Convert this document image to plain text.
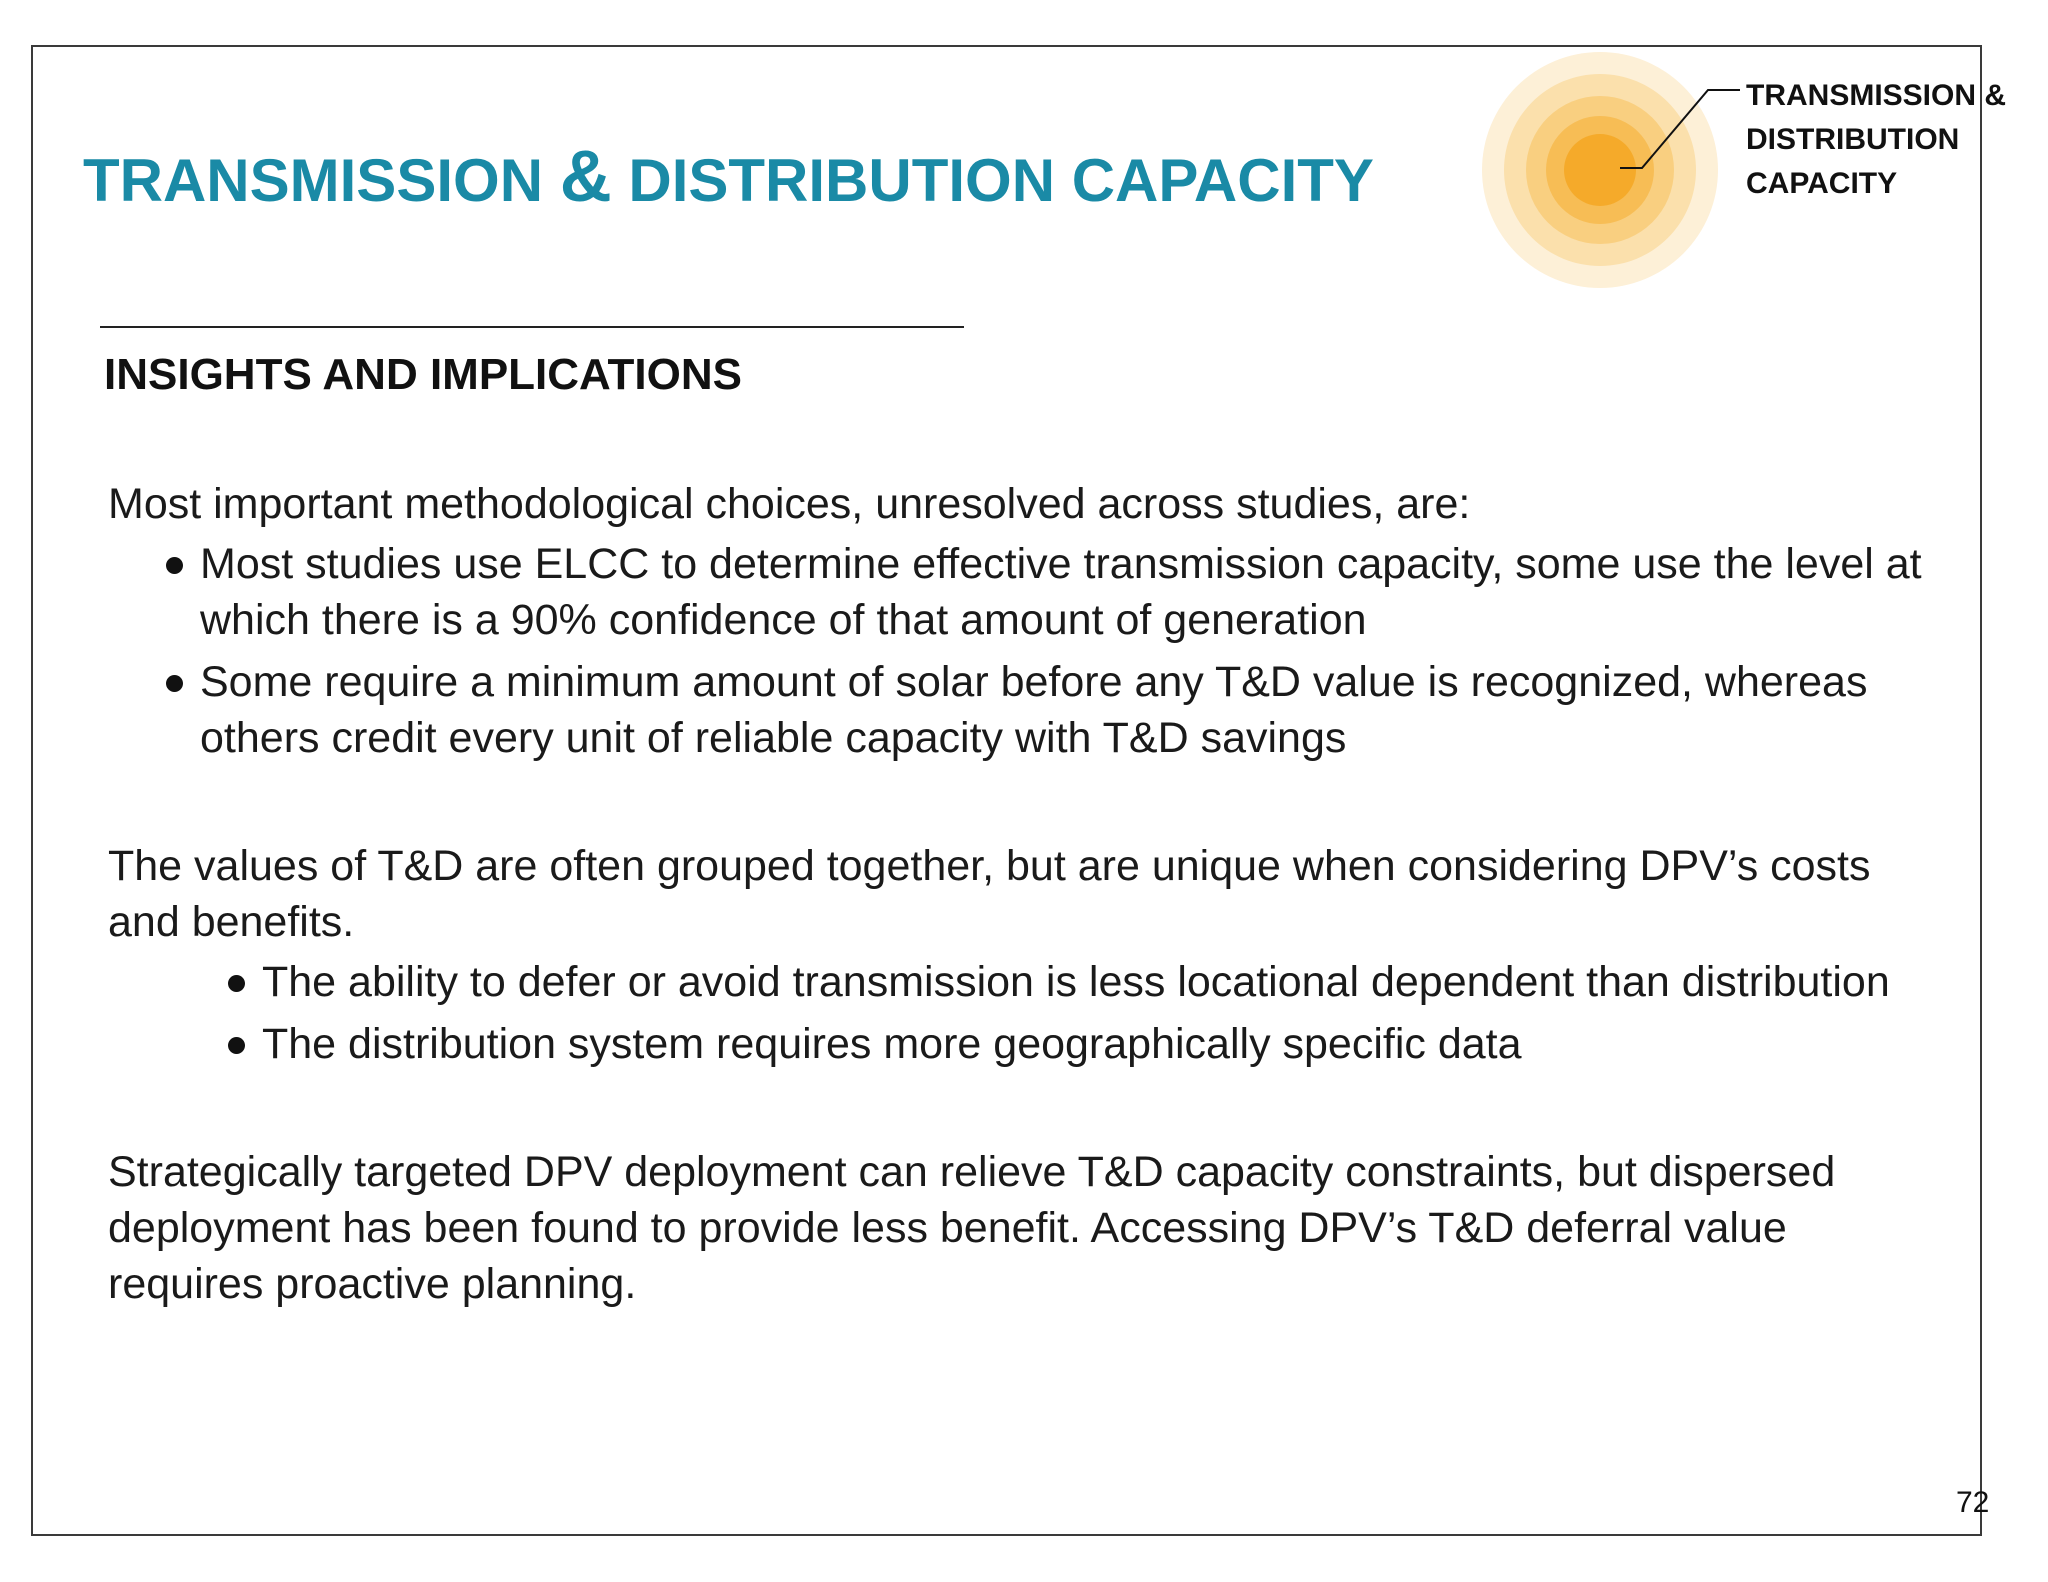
TRANSMISSION & DISTRIBUTION CAPACITY
TRANSMISSION &
DISTRIBUTION
CAPACITY
INSIGHTS AND IMPLICATIONS

Most important methodological choices, unresolved across studies, are:

Most studies use ELCC to determine effective transmission capacity, some use the level at which there is a 90% confidence of that amount of generation
Some require a minimum amount of solar before any T&D value is recognized, whereas others credit every unit of reliable capacity with T&D savings

The values of T&D are often grouped together, but are unique when considering DPV’s costs and benefits.

The ability to defer or avoid transmission is less locational dependent than distribution
The distribution system requires more geographically specific data

Strategically targeted DPV deployment can relieve T&D capacity constraints, but dispersed deployment has been found to provide less benefit. Accessing DPV’s T&D deferral value requires proactive planning.

72
